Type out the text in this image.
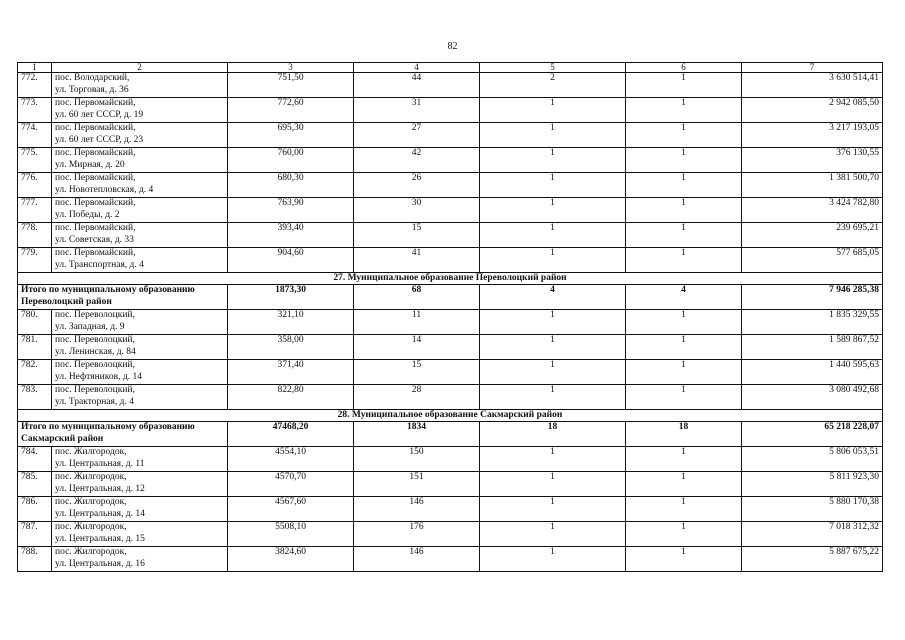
82
1	2	3	4	5	6	7
772.	пос. Володарский,
ул. Торговая, д. 36	751,50	44	2	1	3 630 514,41
773.	пос. Первомайский,
ул. 60 лет СССР, д. 19	772,60	31	1	1	2 942 085,50
774.	пос. Первомайский,
ул. 60 лет СССР, д. 23	695,30	27	1	1	3 217 193,05
775.	пос. Первомайский,
ул. Мирная, д. 20	760,00	42	1	1	376 130,55
776.	пос. Первомайский,
ул. Новотепловская, д. 4	680,30	26	1	1	1 381 500,70
777.	пос. Первомайский,
ул. Победы, д. 2	763,90	30	1	1	3 424 782,80
778.	пос. Первомайский,
ул. Советская, д. 33	393,40	15	1	1	239 695,21
779.	пос. Первомайский,
ул. Транспортная, д. 4	904,60	41	1	1	577 685,05
27. Муниципальное образование Переволоцкий район						
Итого по муниципальному образованию Переволоцкий район		1873,30	68	4	4	7 946 285,38
780.	пос. Переволоцкий,
ул. Западная, д. 9	321,10	11	1	1	1 835 329,55
781.	пос. Переволоцкий,
ул. Ленинская, д. 84	358,00	14	1	1	1 589 867,52
782.	пос. Переволоцкий,
ул. Нефтяников, д. 14	371,40	15	1	1	1 440 595,63
783.	пос. Переволоцкий,
ул. Тракторная, д. 4	822,80	28	1	1	3 080 492,68
28. Муниципальное образование Сакмарский район						
Итого по муниципальному образованию Сакмарский район		47468,20	1834	18	18	65 218 228,07
784.	пос. Жилгородок,
ул. Центральная, д. 11	4554,10	150	1	1	5 806 053,51
785.	пос. Жилгородок,
ул. Центральная, д. 12	4570,70	151	1	1	5 811 923,30
786.	пос. Жилгородок,
ул. Центральная, д. 14	4567,60	146	1	1	5 880 170,38
787.	пос. Жилгородок,
ул. Центральная, д. 15	5508,10	176	1	1	7 018 312,32
788.	пос. Жилгородок,
ул. Центральная, д. 16	3824,60	146	1	1	5 887 675,22
